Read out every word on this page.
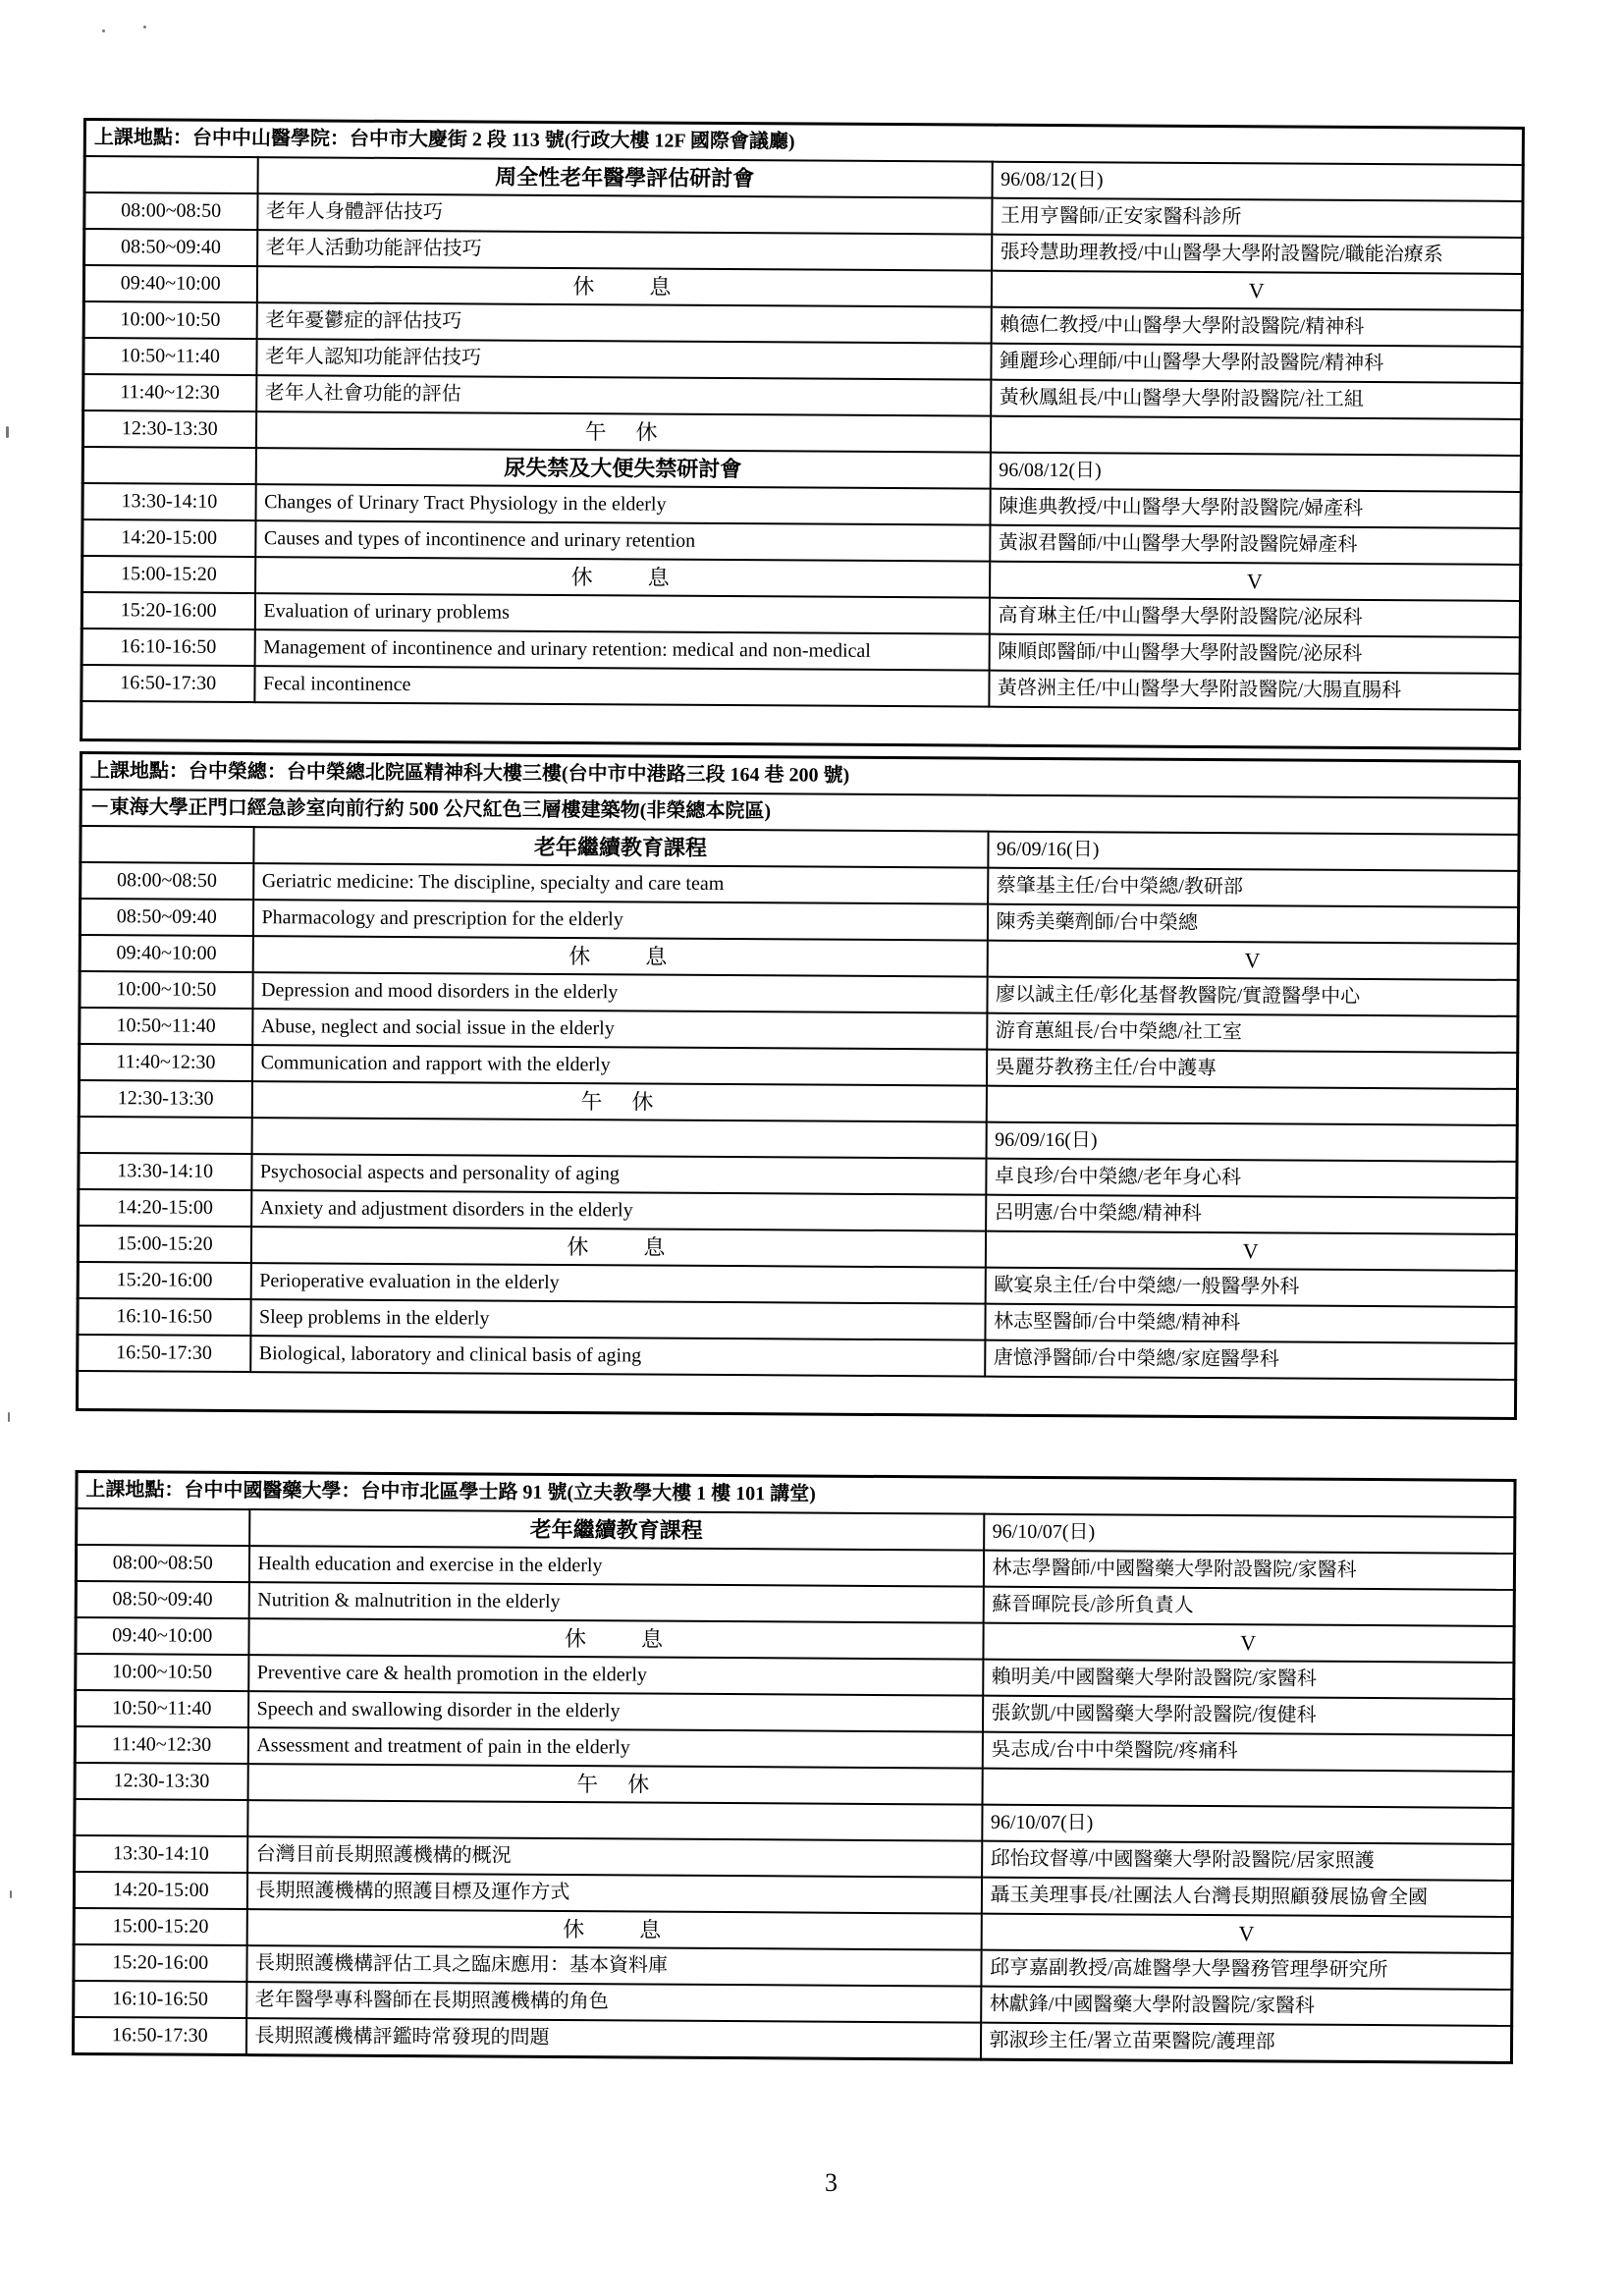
上課地點：台中中山醫學院：台中市大慶街 2 段 113 號(行政大樓 12F 國際會議廳)		
	周全性老年醫學評估研討會	96/08/12(日)
08:00~08:50	老年人身體評估技巧	王用亨醫師/正安家醫科診所
08:50~09:40	老年人活動功能評估技巧	張玲慧助理教授/中山醫學大學附設醫院/職能治療系
09:40~10:00	休　　息	V
10:00~10:50	老年憂鬱症的評估技巧	賴德仁教授/中山醫學大學附設醫院/精神科
10:50~11:40	老年人認知功能評估技巧	鍾麗珍心理師/中山醫學大學附設醫院/精神科
11:40~12:30	老年人社會功能的評估	黃秋鳳組長/中山醫學大學附設醫院/社工組
12:30-13:30	午　休	
	尿失禁及大便失禁研討會	96/08/12(日)
13:30-14:10	Changes of Urinary Tract Physiology in the elderly	陳進典教授/中山醫學大學附設醫院/婦產科
14:20-15:00	Causes and types of incontinence and urinary retention	黃淑君醫師/中山醫學大學附設醫院婦產科
15:00-15:20	休　　息	V
15:20-16:00	Evaluation of urinary problems	高育琳主任/中山醫學大學附設醫院/泌尿科
16:10-16:50	Management of incontinence and urinary retention: medical and non-medical	陳順郎醫師/中山醫學大學附設醫院/泌尿科
16:50-17:30	Fecal incontinence	黃啓洲主任/中山醫學大學附設醫院/大腸直腸科

上課地點：台中榮總：台中榮總北院區精神科大樓三樓(台中市中港路三段 164 巷 200 號)		
－東海大學正門口經急診室向前行約 500 公尺紅色三層樓建築物(非榮總本院區)		
	老年繼續教育課程	96/09/16(日)
08:00~08:50	Geriatric medicine: The discipline, specialty and care team	蔡肇基主任/台中榮總/教研部
08:50~09:40	Pharmacology and prescription for the elderly	陳秀美藥劑師/台中榮總
09:40~10:00	休　　息	V
10:00~10:50	Depression and mood disorders in the elderly	廖以誠主任/彰化基督教醫院/實證醫學中心
10:50~11:40	Abuse, neglect and social issue in the elderly	游育蕙組長/台中榮總/社工室
11:40~12:30	Communication and rapport with the elderly	吳麗芬教務主任/台中護專
12:30-13:30	午　休	
		96/09/16(日)
13:30-14:10	Psychosocial aspects and personality of aging	卓良珍/台中榮總/老年身心科
14:20-15:00	Anxiety and adjustment disorders in the elderly	呂明憲/台中榮總/精神科
15:00-15:20	休　　息	V
15:20-16:00	Perioperative evaluation in the elderly	歐宴泉主任/台中榮總/一般醫學外科
16:10-16:50	Sleep problems in the elderly	林志堅醫師/台中榮總/精神科
16:50-17:30	Biological, laboratory and clinical basis of aging	唐憶淨醫師/台中榮總/家庭醫學科

上課地點：台中中國醫藥大學：台中市北區學士路 91 號(立夫教學大樓 1 樓 101 講堂)		
	老年繼續教育課程	96/10/07(日)
08:00~08:50	Health education and exercise in the elderly	林志學醫師/中國醫藥大學附設醫院/家醫科
08:50~09:40	Nutrition & malnutrition in the elderly	蘇晉暉院長/診所負責人
09:40~10:00	休　　息	V
10:00~10:50	Preventive care & health promotion in the elderly	賴明美/中國醫藥大學附設醫院/家醫科
10:50~11:40	Speech and swallowing disorder in the elderly	張欽凱/中國醫藥大學附設醫院/復健科
11:40~12:30	Assessment and treatment of pain in the elderly	吳志成/台中中榮醫院/疼痛科
12:30-13:30	午　休	
		96/10/07(日)
13:30-14:10	台灣目前長期照護機構的概況	邱怡玟督導/中國醫藥大學附設醫院/居家照護
14:20-15:00	長期照護機構的照護目標及運作方式	聶玉美理事長/社團法人台灣長期照顧發展協會全國
15:00-15:20	休　　息	V
15:20-16:00	長期照護機構評估工具之臨床應用：基本資料庫	邱亨嘉副教授/高雄醫學大學醫務管理學研究所
16:10-16:50	老年醫學專科醫師在長期照護機構的角色	林獻鋒/中國醫藥大學附設醫院/家醫科
16:50-17:30	長期照護機構評鑑時常發現的問題	郭淑珍主任/署立苗栗醫院/護理部
3
